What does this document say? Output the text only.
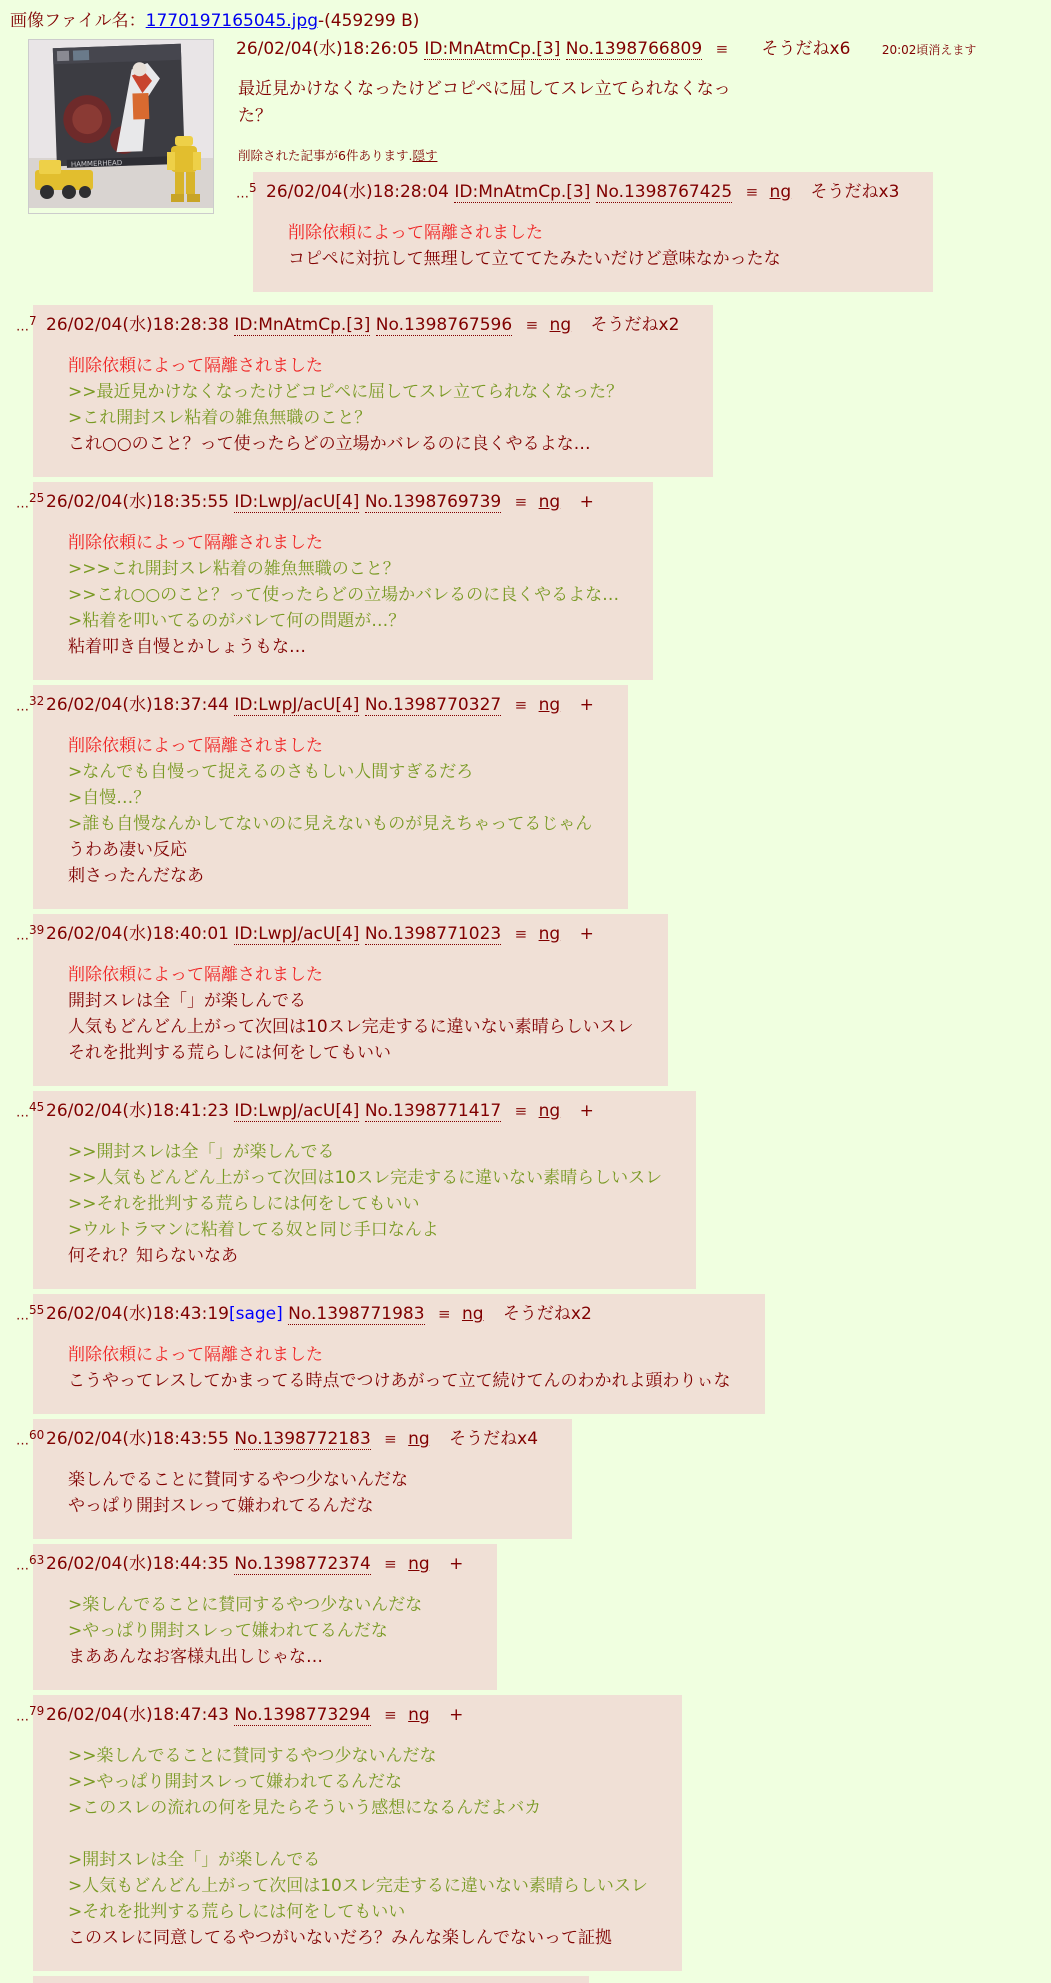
画像ファイル名：1770197165045.jpg-(459299 B)
HAMMERHEAD
26/02/04(水)18:26:05 ID:MnAtmCp.[3] No.1398766809 ≡ そうだねx6	20:02頃消えます
最近見かけなくなったけどコピペに屈してスレ立てられなくなった？
削除された記事が6件あります.隠す
…$^5$ 26/02/04(水)18:28:04 ID:MnAtmCp.[3] No.1398767425 ≡ ng そうだねx3
削除依頼によって隔離されました
コピペに対抗して無理して立ててたみたいだけど意味なかったな
…$^7$ 26/02/04(水)18:28:38 ID:MnAtmCp.[3] No.1398767596 ≡ ng そうだねx2
削除依頼によって隔離されました
>>最近見かけなくなったけどコピペに屈してスレ立てられなくなった？
>これ開封スレ粘着の雑魚無職のこと？
これ○○のこと？って使ったらどの立場かバレるのに良くやるよな…
…$^{25}$ 26/02/04(水)18:35:55 ID:LwpJ/acU[4] No.1398769739 ≡ ng +
削除依頼によって隔離されました
>>>これ開封スレ粘着の雑魚無職のこと？
>>これ○○のこと？って使ったらどの立場かバレるのに良くやるよな…
>粘着を叩いてるのがバレて何の問題が…？
粘着叩き自慢とかしょうもな…
…$^{32}$ 26/02/04(水)18:37:44 ID:LwpJ/acU[4] No.1398770327 ≡ ng +
削除依頼によって隔離されました
>なんでも自慢って捉えるのさもしい人間すぎるだろ
>自慢…？
>誰も自慢なんかしてないのに見えないものが見えちゃってるじゃん
うわあ凄い反応
刺さったんだなあ
…$^{39}$ 26/02/04(水)18:40:01 ID:LwpJ/acU[4] No.1398771023 ≡ ng +
削除依頼によって隔離されました
開封スレは全「」が楽しんでる
人気もどんどん上がって次回は10スレ完走するに違いない素晴らしいスレ
それを批判する荒らしには何をしてもいい
…$^{45}$ 26/02/04(水)18:41:23 ID:LwpJ/acU[4] No.1398771417 ≡ ng +
>>開封スレは全「」が楽しんでる
>>人気もどんどん上がって次回は10スレ完走するに違いない素晴らしいスレ
>>それを批判する荒らしには何をしてもいい
>ウルトラマンに粘着してる奴と同じ手口なんよ
何それ？知らないなあ
…$^{55}$ 26/02/04(水)18:43:19[sage] No.1398771983 ≡ ng そうだねx2
削除依頼によって隔離されました
こうやってレスしてかまってる時点でつけあがって立て続けてんのわかれよ頭わりぃな
…$^{60}$ 26/02/04(水)18:43:55 No.1398772183 ≡ ng そうだねx4
楽しんでることに賛同するやつ少ないんだな
やっぱり開封スレって嫌われてるんだな
…$^{63}$ 26/02/04(水)18:44:35 No.1398772374 ≡ ng +
>楽しんでることに賛同するやつ少ないんだな
>やっぱり開封スレって嫌われてるんだな
まああんなお客様丸出しじゃな…
…$^{79}$ 26/02/04(水)18:47:43 No.1398773294 ≡ ng +
>>楽しんでることに賛同するやつ少ないんだな
>>やっぱり開封スレって嫌われてるんだな
>このスレの流れの何を見たらそういう感想になるんだよバカ

>開封スレは全「」が楽しんでる
>人気もどんどん上がって次回は10スレ完走するに違いない素晴らしいスレ
>それを批判する荒らしには何をしてもいい
このスレに同意してるやつがいないだろ？みんな楽しんでないって証拠
